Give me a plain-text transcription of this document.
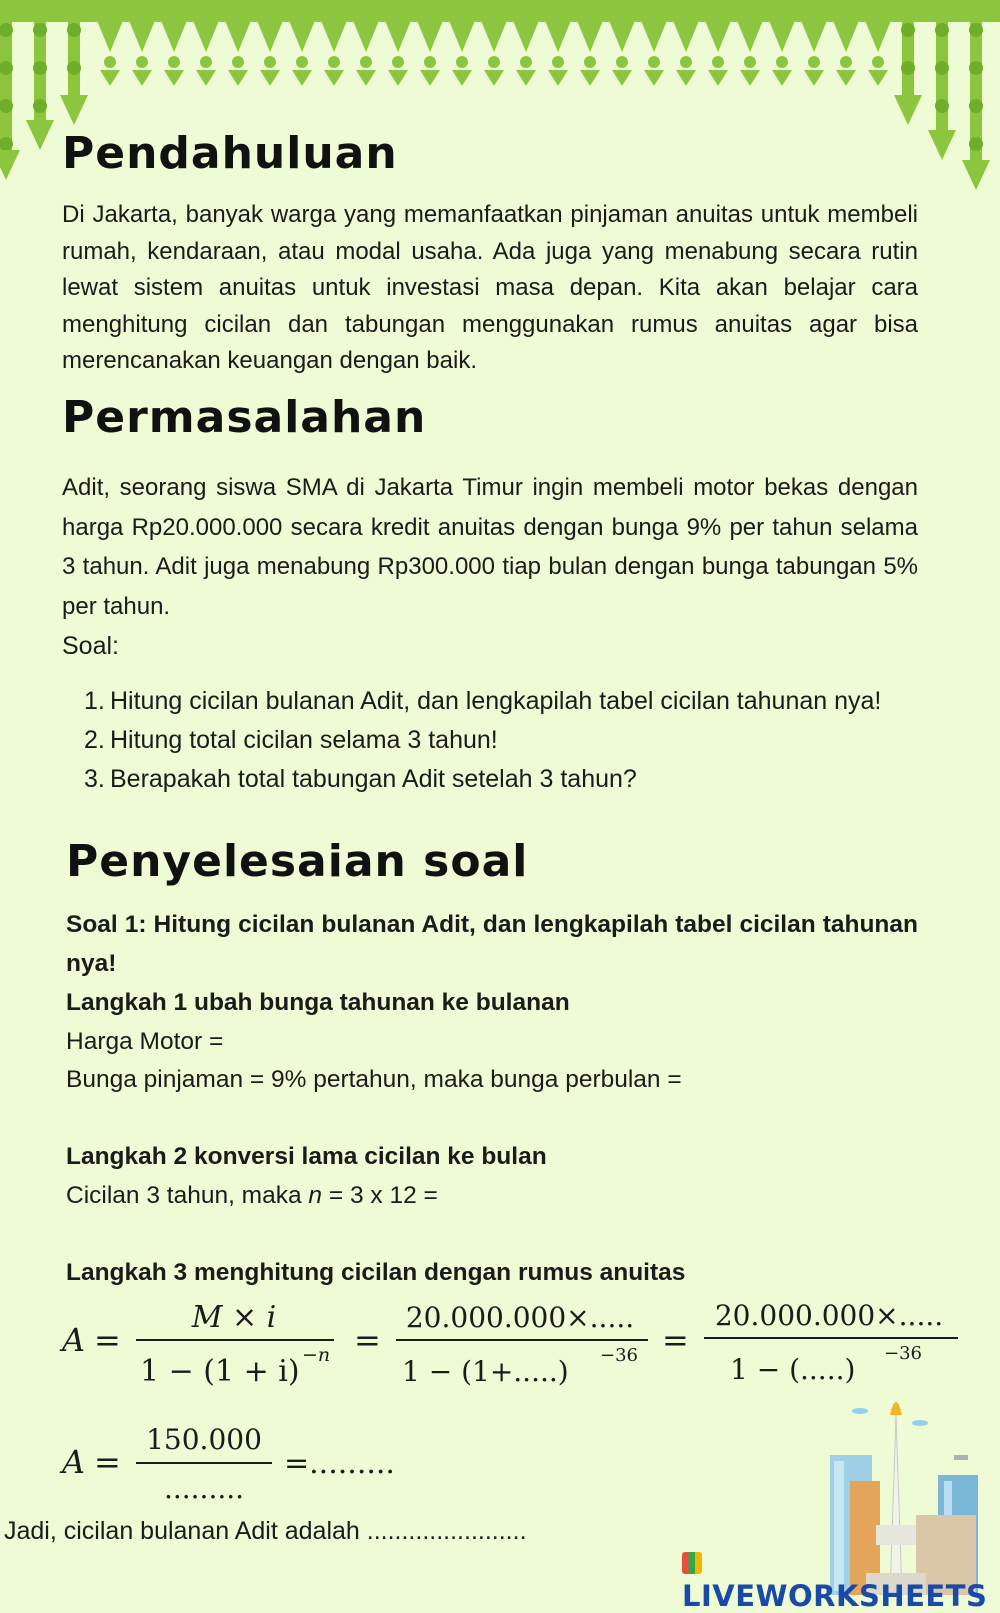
Pendahuluan

Di Jakarta, banyak warga yang memanfaatkan pinjaman anuitas untuk membeli rumah, kendaraan, atau modal usaha. Ada juga yang menabung secara rutin lewat sistem anuitas untuk investasi masa depan. Kita akan belajar cara menghitung cicilan dan tabungan menggunakan rumus anuitas agar bisa merencanakan keuangan dengan baik.

Permasalahan

Adit, seorang siswa SMA di Jakarta Timur ingin membeli motor bekas dengan harga Rp20.000.000 secara kredit anuitas dengan bunga 9% per tahun selama 3 tahun. Adit juga menabung Rp300.000 tiap bulan dengan bunga tabungan 5% per tahun.

Soal:
1. Hitung cicilan bulanan Adit, dan lengkapilah tabel cicilan tahunan nya!
2. Hitung total cicilan selama 3 tahun!
3. Berapakah total tabungan Adit setelah 3 tahun?
Penyelesaian soal
Soal 1: Hitung cicilan bulanan Adit, dan lengkapilah tabel cicilan tahunan nya!
Langkah 1 ubah bunga tahunan ke bulanan
Harga Motor =
Bunga pinjaman = 9% pertahun, maka bunga perbulan =
Langkah 2 konversi lama cicilan ke bulan
Cicilan 3 tahun, maka n = 3 x 12 =
Langkah 3 menghitung cicilan dengan rumus anuitas
A =
M × i
1 − (1 + i) −n =
20.000.000×.....
1 − (1+.....) −36 =
20.000.000×.....
1 − (.....) −36
A =
150.000
.........
=.........
Jadi, cicilan bulanan Adit adalah .......................
LIVEWORKSHEETS
